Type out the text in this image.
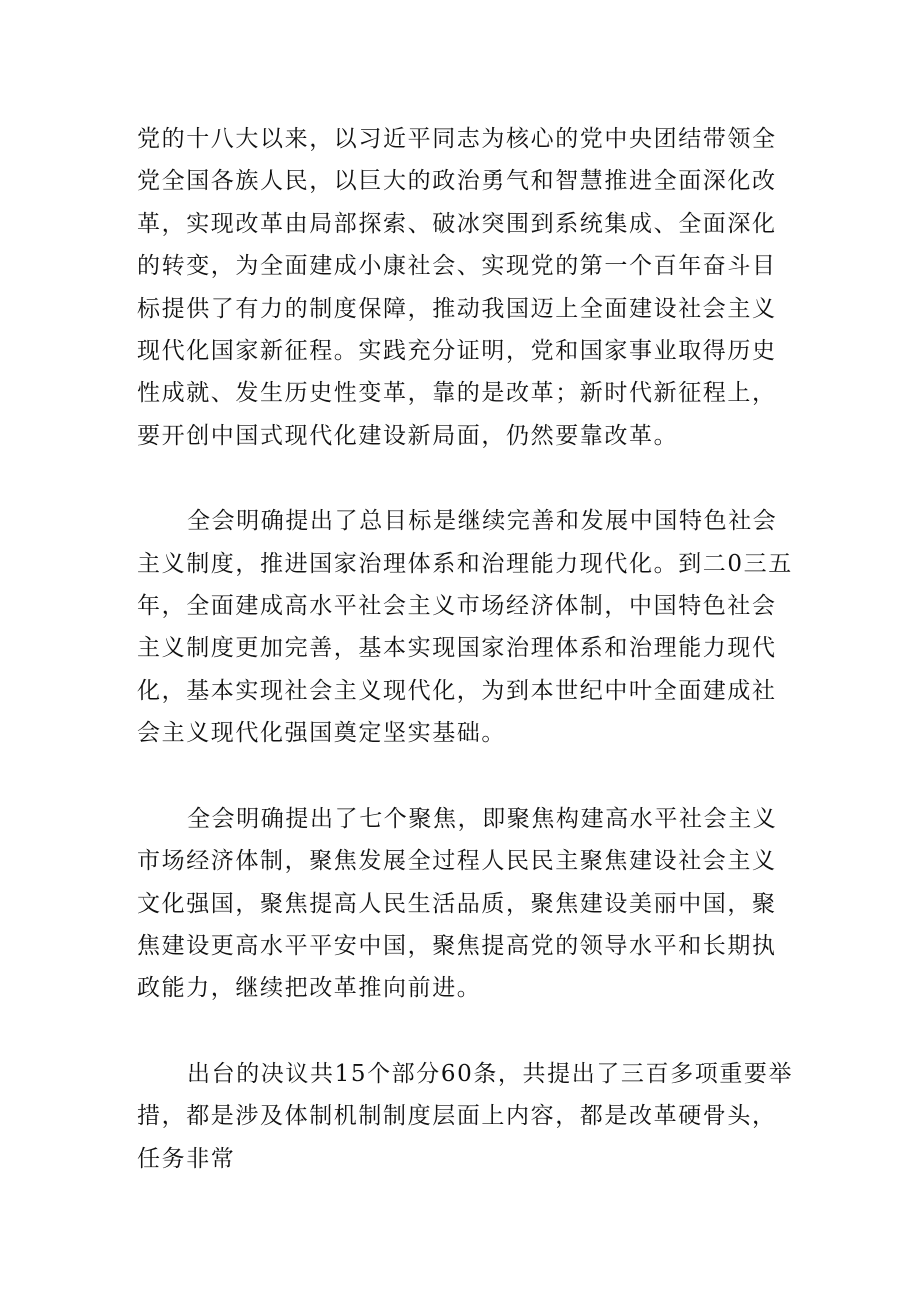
党的十八大以来，以习近平同志为核心的党中央团结带领全党全国各族人民，以巨大的政治勇气和智慧推进全面深化改革，实现改革由局部探索、破冰突围到系统集成、全面深化的转变，为全面建成小康社会、实现党的第一个百年奋斗目标提供了有力的制度保障，推动我国迈上全面建设社会主义现代化国家新征程。实践充分证明，党和国家事业取得历史性成就、发生历史性变革，靠的是改革；新时代新征程上，要开创中国式现代化建设新局面，仍然要靠改革。

全会明确提出了总目标是继续完善和发展中国特色社会主义制度，推进国家治理体系和治理能力现代化。到二0三五年，全面建成高水平社会主义市场经济体制，中国特色社会主义制度更加完善，基本实现国家治理体系和治理能力现代化，基本实现社会主义现代化，为到本世纪中叶全面建成社会主义现代化强国奠定坚实基础。

全会明确提出了七个聚焦，即聚焦构建高水平社会主义市场经济体制，聚焦发展全过程人民民主聚焦建设社会主义文化强国，聚焦提高人民生活品质，聚焦建设美丽中国，聚焦建设更高水平平安中国，聚焦提高党的领导水平和长期执政能力，继续把改革推向前进。

出台的决议共15个部分60条，共提出了三百多项重要举措，都是涉及体制机制制度层面上内容，都是改革硬骨头，任务非常
